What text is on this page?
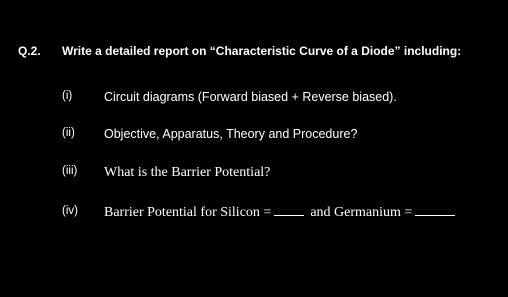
Q.2. Write a detailed report on “Characteristic Curve of a Diode” including:
(i)	Circuit diagrams (Forward biased + Reverse biased).
(ii) Objective, Apparatus, Theory and Procedure?
(iii) What is the Barrier Potential?
(iv) Barrier Potential for Silicon =	and Germanium =
